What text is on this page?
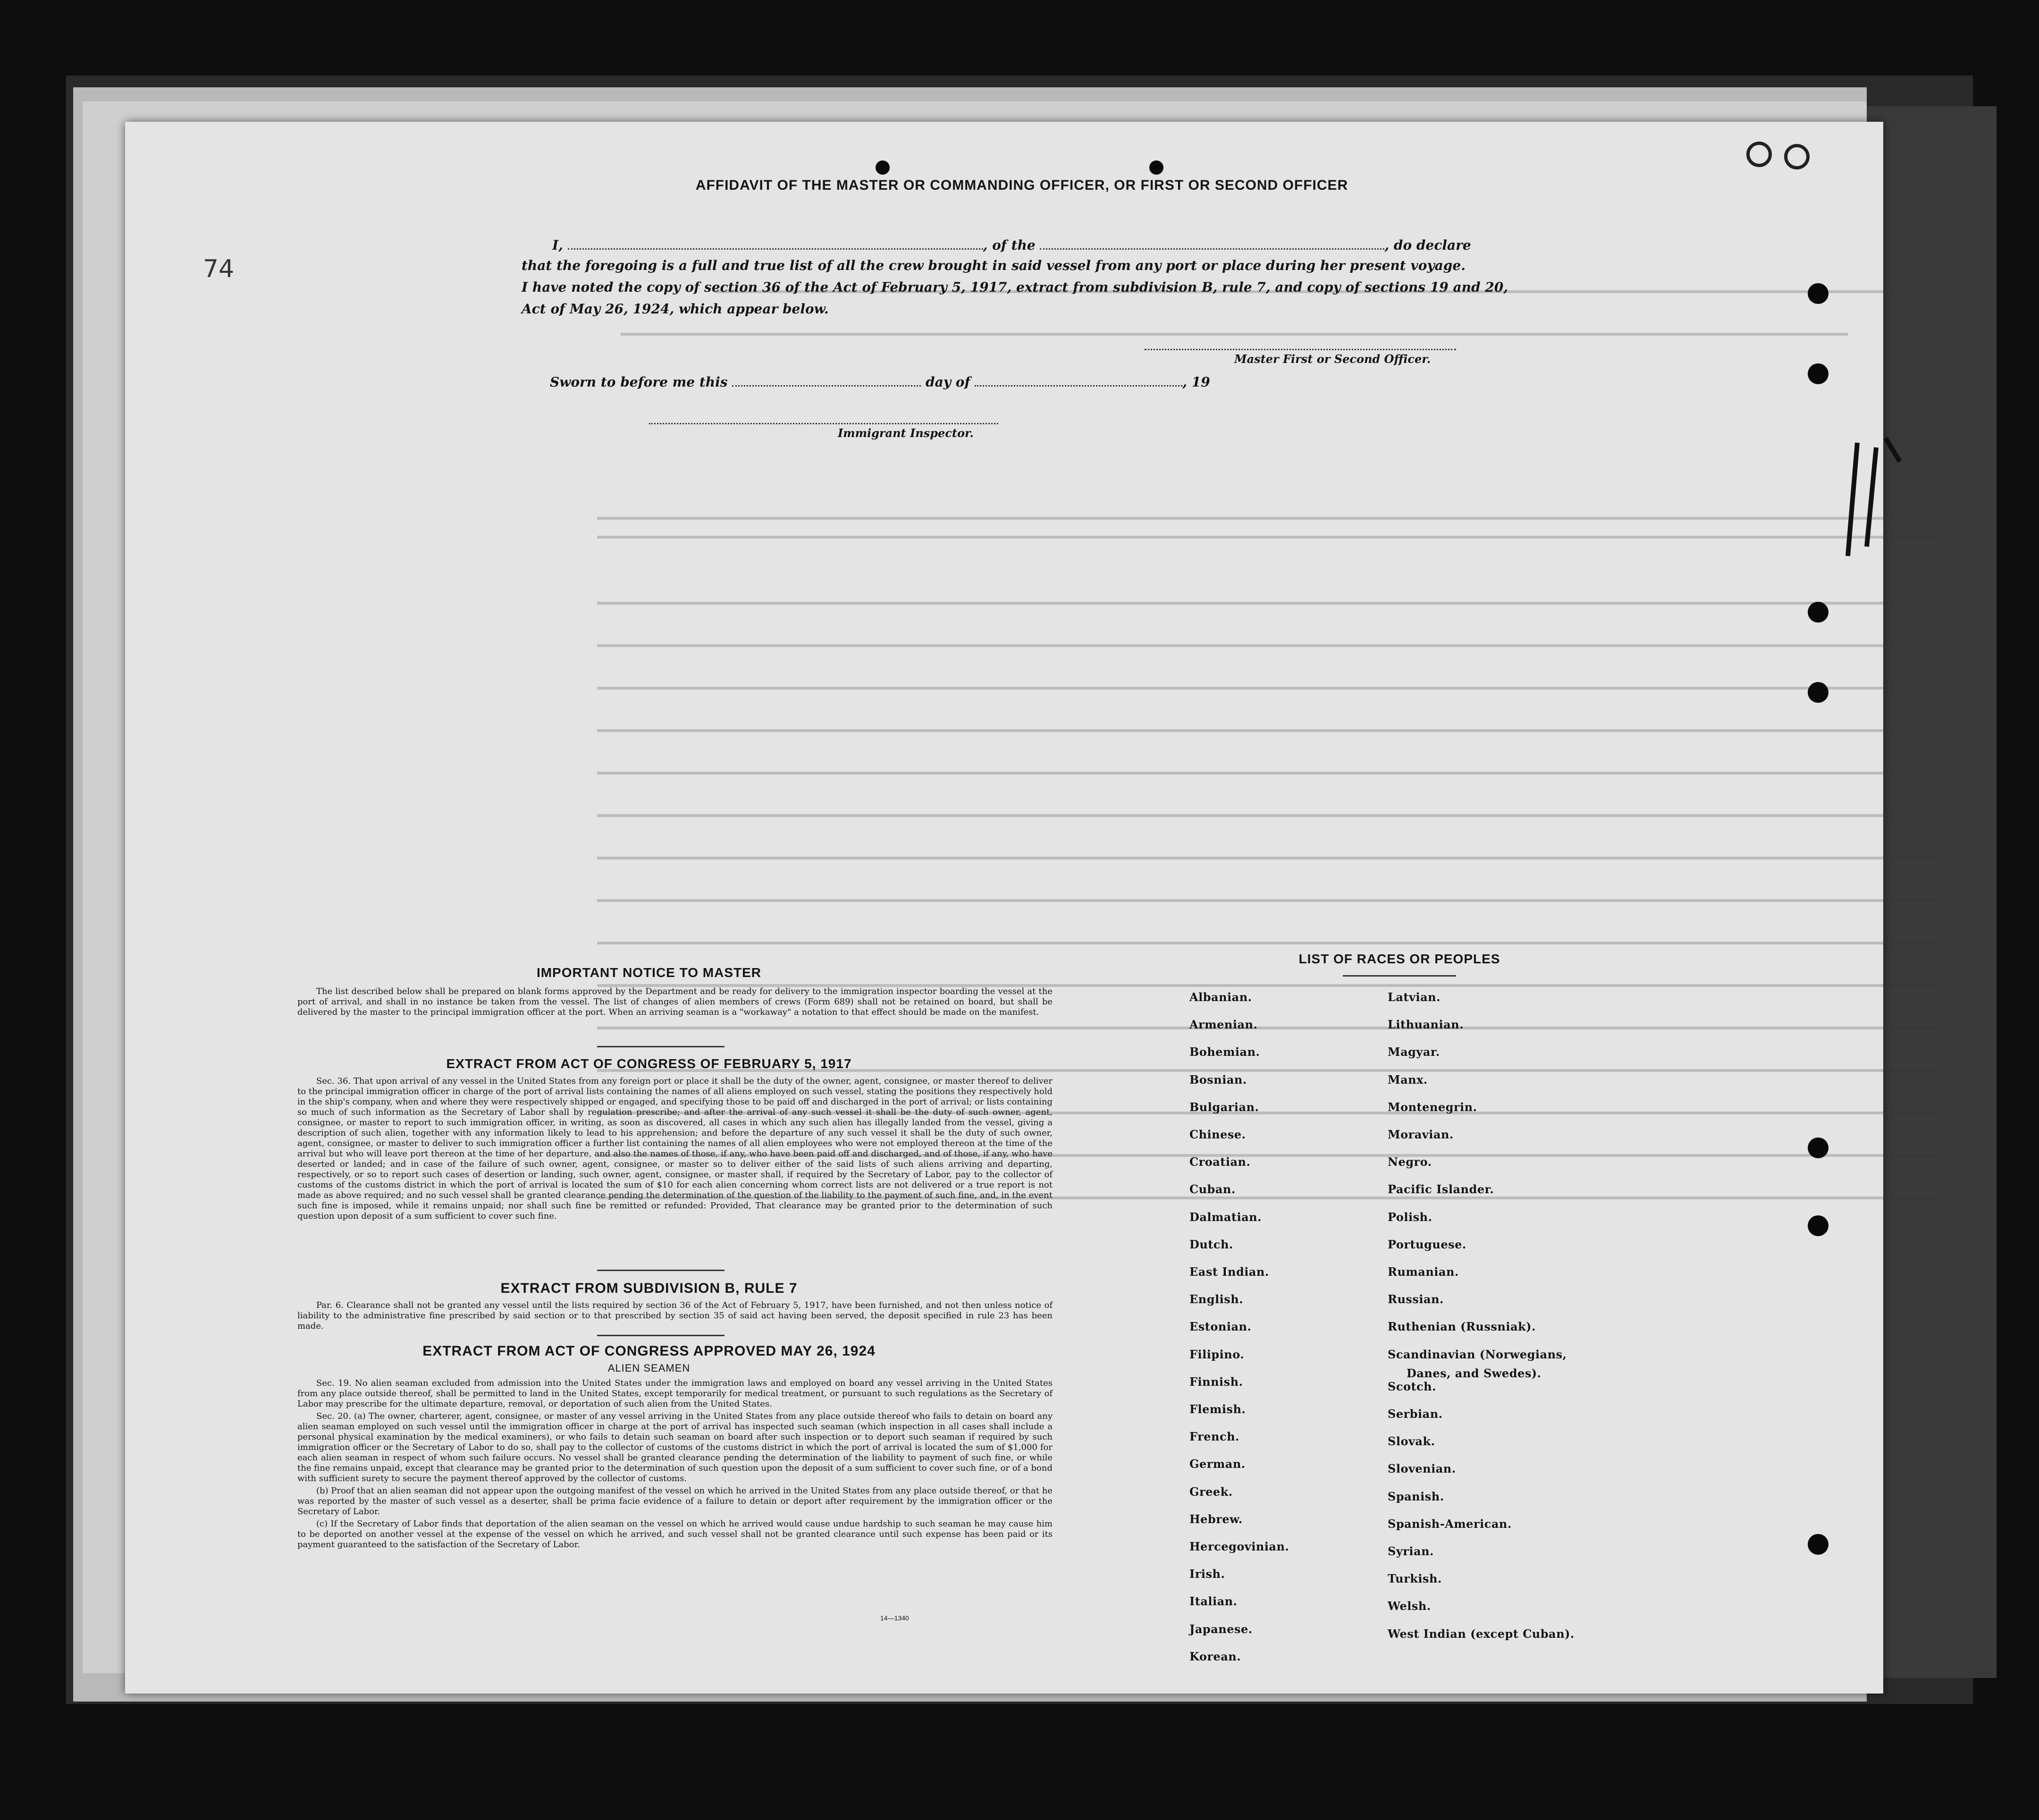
AFFIDAVIT OF THE MASTER OR COMMANDING OFFICER, OR FIRST OR SECOND OFFICER
I,	, of the	, do declare
that the foregoing is a full and true list of all the crew brought in said vessel from any port or place during her present voyage.
I have noted the copy of section 36 of the Act of February 5, 1917, extract from subdivision B, rule 7, and copy of sections 19 and 20,
Act of May 26, 1924, which appear below.
Master First or Second Officer.
Sworn to before me this	day of	, 19
Immigrant Inspector.
IMPORTANT NOTICE TO MASTER

The list described below shall be prepared on blank forms approved by the Department and be ready for delivery to the immigration inspector boarding the vessel at the port of arrival, and shall in no instance be taken from the vessel. The list of changes of alien members of crews (Form 689) shall not be retained on board, but shall be delivered by the master to the principal immigration officer at the port. When an arriving seaman is a "workaway" a notation to that effect should be made on the manifest.

EXTRACT FROM ACT OF CONGRESS OF FEBRUARY 5, 1917

Sec. 36. That upon arrival of any vessel in the United States from any foreign port or place it shall be the duty of the owner, agent, consignee, or master thereof to deliver to the principal immigration officer in charge of the port of arrival lists containing the names of all aliens employed on such vessel, stating the positions they respectively hold in the ship's company, when and where they were respectively shipped or engaged, and specifying those to be paid off and discharged in the port of arrival; or lists containing so much of such information as the Secretary of Labor shall by regulation prescribe; and after the arrival of any such vessel it shall be the duty of such owner, agent, consignee, or master to report to such immigration officer, in writing, as soon as discovered, all cases in which any such alien has illegally landed from the vessel, giving a description of such alien, together with any information likely to lead to his apprehension; and before the departure of any such vessel it shall be the duty of such owner, agent, consignee, or master to deliver to such immigration officer a further list containing the names of all alien employees who were not employed thereon at the time of the arrival but who will leave port thereon at the time of her departure, and also the names of those, if any, who have been paid off and discharged, and of those, if any, who have deserted or landed; and in case of the failure of such owner, agent, consignee, or master so to deliver either of the said lists of such aliens arriving and departing, respectively, or so to report such cases of desertion or landing, such owner, agent, consignee, or master shall, if required by the Secretary of Labor, pay to the collector of customs of the customs district in which the port of arrival is located the sum of $10 for each alien concerning whom correct lists are not delivered or a true report is not made as above required; and no such vessel shall be granted clearance pending the determination of the question of the liability to the payment of such fine, and, in the event such fine is imposed, while it remains unpaid; nor shall such fine be remitted or refunded: Provided, That clearance may be granted prior to the determination of such question upon deposit of a sum sufficient to cover such fine.

EXTRACT FROM SUBDIVISION B, RULE 7

Par. 6. Clearance shall not be granted any vessel until the lists required by section 36 of the Act of February 5, 1917, have been furnished, and not then unless notice of liability to the administrative fine prescribed by said section or to that prescribed by section 35 of said act having been served, the deposit specified in rule 23 has been made.

EXTRACT FROM ACT OF CONGRESS APPROVED MAY 26, 1924
ALIEN SEAMEN

Sec. 19. No alien seaman excluded from admission into the United States under the immigration laws and employed on board any vessel arriving in the United States from any place outside thereof, shall be permitted to land in the United States, except temporarily for medical treatment, or pursuant to such regulations as the Secretary of Labor may prescribe for the ultimate departure, removal, or deportation of such alien from the United States.

Sec. 20. (a) The owner, charterer, agent, consignee, or master of any vessel arriving in the United States from any place outside thereof who fails to detain on board any alien seaman employed on such vessel until the immigration officer in charge at the port of arrival has inspected such seaman (which inspection in all cases shall include a personal physical examination by the medical examiners), or who fails to detain such seaman on board after such inspection or to deport such seaman if required by such immigration officer or the Secretary of Labor to do so, shall pay to the collector of customs of the customs district in which the port of arrival is located the sum of $1,000 for each alien seaman in respect of whom such failure occurs. No vessel shall be granted clearance pending the determination of the liability to payment of such fine, or while the fine remains unpaid, except that clearance may be granted prior to the determination of such question upon the deposit of a sum sufficient to cover such fine, or of a bond with sufficient surety to secure the payment thereof approved by the collector of customs.

(b) Proof that an alien seaman did not appear upon the outgoing manifest of the vessel on which he arrived in the United States from any place outside thereof, or that he was reported by the master of such vessel as a deserter, shall be prima facie evidence of a failure to detain or deport after requirement by the immigration officer or the Secretary of Labor.

(c) If the Secretary of Labor finds that deportation of the alien seaman on the vessel on which he arrived would cause undue hardship to such seaman he may cause him to be deported on another vessel at the expense of the vessel on which he arrived, and such vessel shall not be granted clearance until such expense has been paid or its payment guaranteed to the satisfaction of the Secretary of Labor.

14—1340
LIST OF RACES OR PEOPLES
74
Albanian.
Armenian.
Bohemian.
Bosnian.
Bulgarian.
Chinese.
Croatian.
Cuban.
Dalmatian.
Dutch.
East Indian.
English.
Estonian.
Filipino.
Finnish.
Flemish.
French.
German.
Greek.
Hebrew.
Hercegovinian.
Irish.
Italian.
Japanese.
Korean.
Latvian.
Lithuanian.
Magyar.
Manx.
Montenegrin.
Moravian.
Negro.
Pacific Islander.
Polish.
Portuguese.
Rumanian.
Russian.
Ruthenian (Russniak).
Scandinavian (Norwegians,
Danes, and Swedes).
Scotch.
Serbian.
Slovak.
Slovenian.
Spanish.
Spanish-American.
Syrian.
Turkish.
Welsh.
West Indian (except Cuban).
